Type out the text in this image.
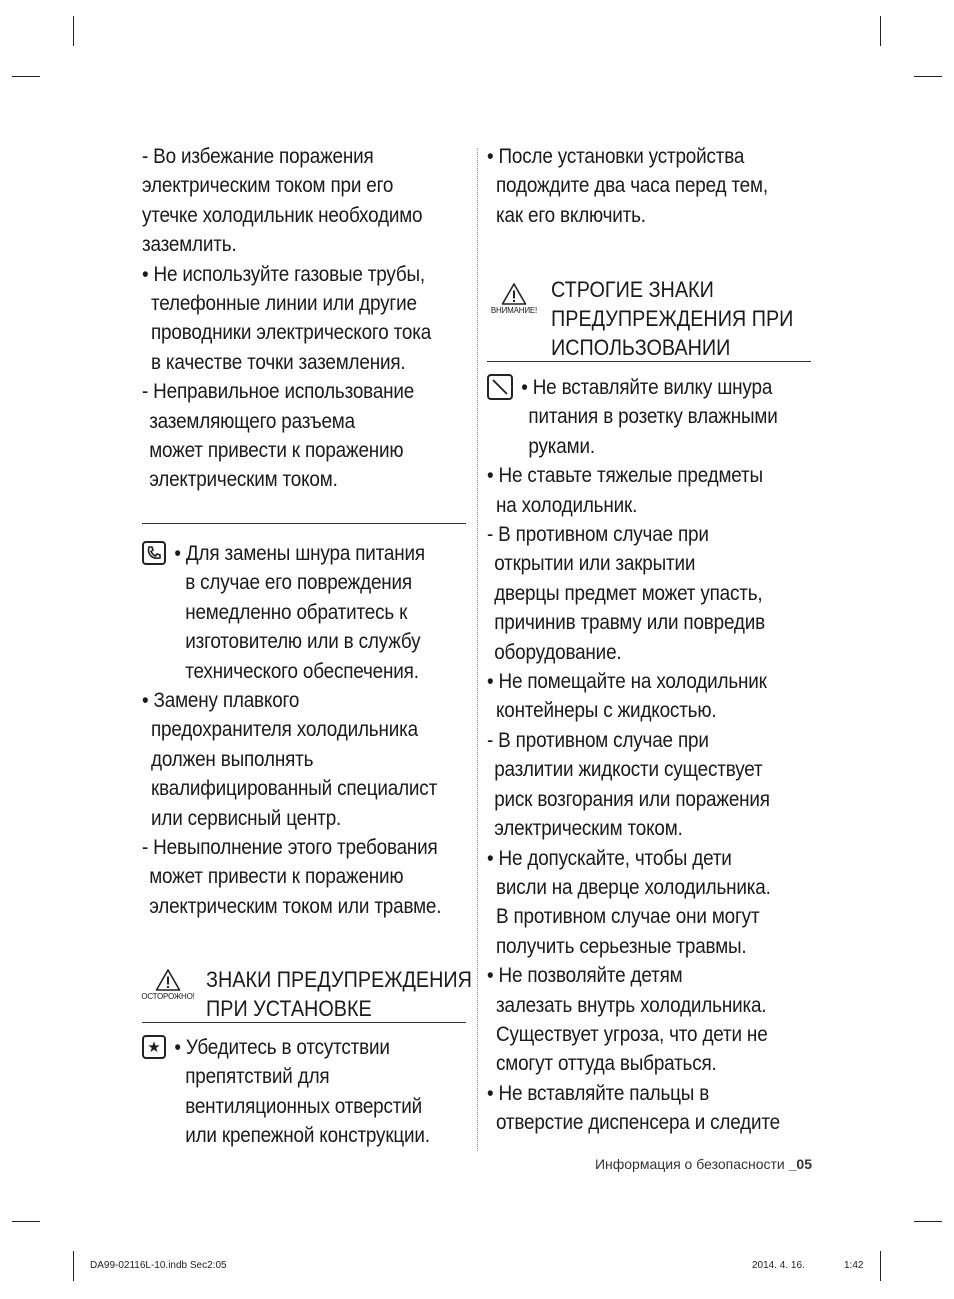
- Во избежание поражения
электрическим током при его
утечке холодильник необходимо
заземлить.
• Не используйте газовые трубы,
телефонные линии или другие
проводники электрического тока
в качестве точки заземления.
- Неправильное использование
заземляющего разъема
может привести к поражению
электрическим током.
• Для замены шнура питания
в случае его повреждения
немедленно обратитесь к
изготовителю или в службу
технического обеспечения.
• Замену плавкого
предохранителя холодильника
должен выполнять
квалифицированный специалист
или сервисный центр.
- Невыполнение этого требования
может привести к поражению
электрическим током или травме.
ОСТОРОЖНО!
ЗНАКИ ПРЕДУПРЕЖДЕНИЯ
ПРИ УСТАНОВКЕ
★ • Убедитесь в отсутствии
препятствий для
вентиляционных отверстий
или крепежной конструкции.
• После установки устройства
подождите два часа перед тем,
как его включить.
ВНИМАНИЕ!
СТРОГИЕ ЗНАКИ
ПРЕДУПРЕЖДЕНИЯ ПРИ
ИСПОЛЬЗОВАНИИ
• Не вставляйте вилку шнура
питания в розетку влажными
руками.
• Не ставьте тяжелые предметы
на холодильник.
- В противном случае при
открытии или закрытии
дверцы предмет может упасть,
причинив травму или повредив
оборудование.
• Не помещайте на холодильник
контейнеры с жидкостью.
- В противном случае при
разлитии жидкости существует
риск возгорания или поражения
электрическим током.
• Не допускайте, чтобы дети
висли на дверце холодильника.
В противном случае они могут
получить серьезные травмы.
• Не позволяйте детям
залезать внутрь холодильника.
Существует угроза, что дети не
смогут оттуда выбраться.
• Не вставляйте пальцы в
отверстие диспенсера и следите
Информация о безопасности _05
DA99-02116L-10.indb Sec2:05	2014. 4. 16.	1:42
